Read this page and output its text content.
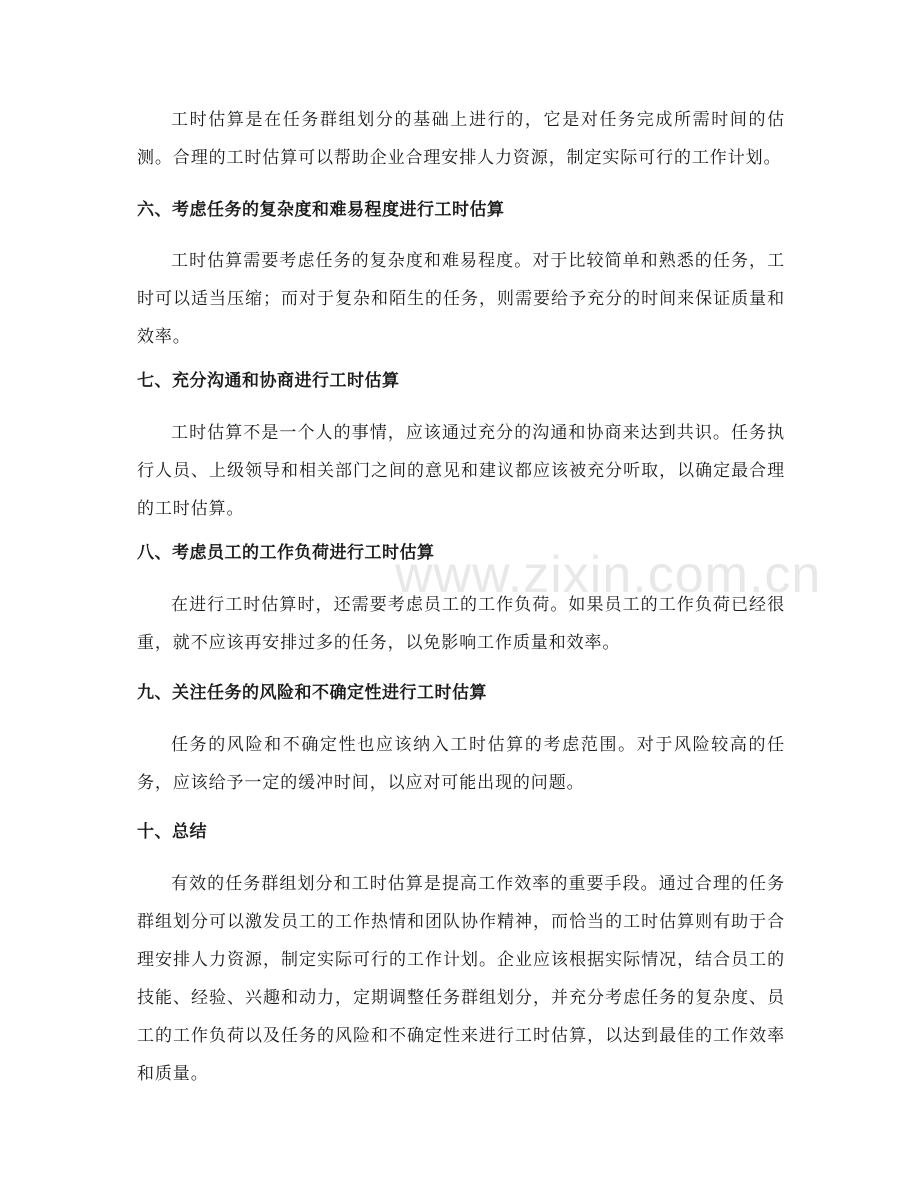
工时估算是在任务群组划分的基础上进行的，它是对任务完成所需时间的估测。合理的工时估算可以帮助企业合理安排人力资源，制定实际可行的工作计划。

六、考虑任务的复杂度和难易程度进行工时估算

工时估算需要考虑任务的复杂度和难易程度。对于比较简单和熟悉的任务，工时可以适当压缩；而对于复杂和陌生的任务，则需要给予充分的时间来保证质量和效率。

七、充分沟通和协商进行工时估算

工时估算不是一个人的事情，应该通过充分的沟通和协商来达到共识。任务执行人员、上级领导和相关部门之间的意见和建议都应该被充分听取，以确定最合理的工时估算。

八、考虑员工的工作负荷进行工时估算

在进行工时估算时，还需要考虑员工的工作负荷。如果员工的工作负荷已经很重，就不应该再安排过多的任务，以免影响工作质量和效率。

九、关注任务的风险和不确定性进行工时估算

任务的风险和不确定性也应该纳入工时估算的考虑范围。对于风险较高的任务，应该给予一定的缓冲时间，以应对可能出现的问题。

十、总结

有效的任务群组划分和工时估算是提高工作效率的重要手段。通过合理的任务群组划分可以激发员工的工作热情和团队协作精神，而恰当的工时估算则有助于合理安排人力资源，制定实际可行的工作计划。企业应该根据实际情况，结合员工的技能、经验、兴趣和动力，定期调整任务群组划分，并充分考虑任务的复杂度、员工的工作负荷以及任务的风险和不确定性来进行工时估算，以达到最佳的工作效率和质量。

www.zixin.com.cn
